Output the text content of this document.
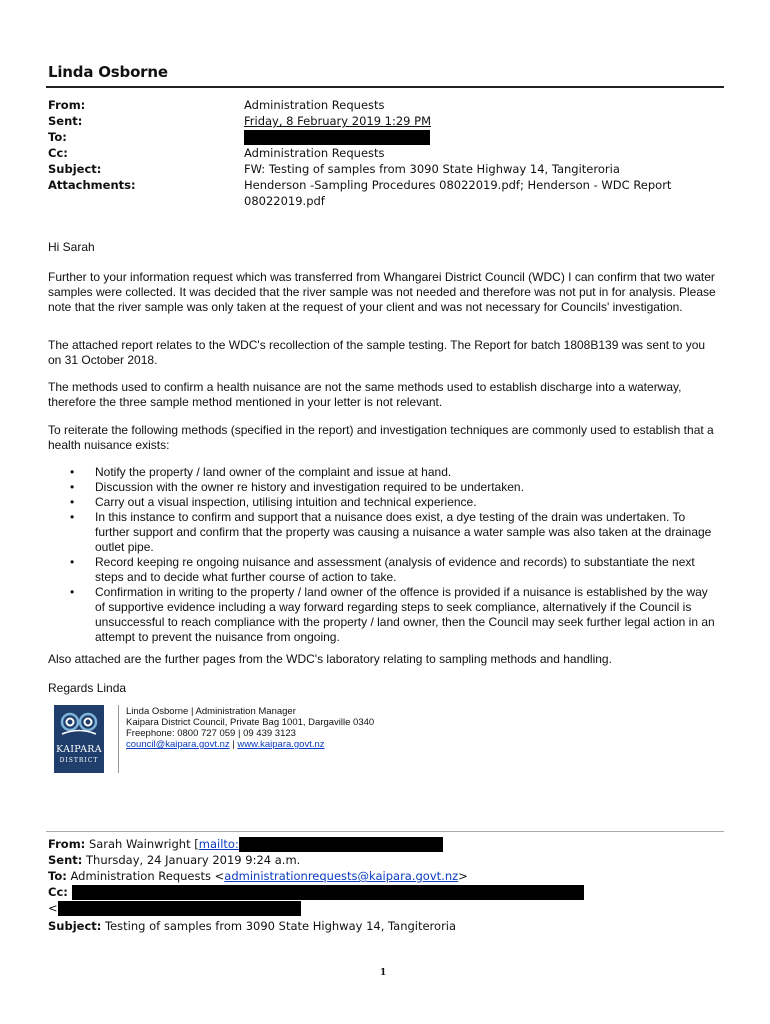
Linda Osborne
From:	Administration Requests
Sent:	Friday, 8 February 2019 1:29 PM
To:
Cc:	Administration Requests
Subject:	FW: Testing of samples from 3090 State Highway 14, Tangiteroria
Attachments:	Henderson -Sampling Procedures 08022019.pdf; Henderson - WDC Report
08022019.pdf
Hi Sarah
Further to your information request which was transferred from Whangarei District Council (WDC) I can confirm that two water samples were collected. It was decided that the river sample was not needed and therefore was not put in for analysis. Please note that the river sample was only taken at the request of your client and was not necessary for Councils' investigation.
The attached report relates to the WDC's recollection of the sample testing. The Report for batch 1808B139 was sent to you on 31 October 2018.
The methods used to confirm a health nuisance are not the same methods used to establish discharge into a waterway, therefore the three sample method mentioned in your letter is not relevant.
To reiterate the following methods (specified in the report) and investigation techniques are commonly used to establish that a health nuisance exists:
• Notify the property / land owner of the complaint and issue at hand.
• Discussion with the owner re history and investigation required to be undertaken.
• Carry out a visual inspection, utilising intuition and technical experience.
• In this instance to confirm and support that a nuisance does exist, a dye testing of the drain was undertaken. To further support and confirm that the property was causing a nuisance a water sample was also taken at the drainage outlet pipe.
• Record keeping re ongoing nuisance and assessment (analysis of evidence and records) to substantiate the next steps and to decide what further course of action to take.
• Confirmation in writing to the property / land owner of the offence is provided if a nuisance is established by the way of supportive evidence including a way forward regarding steps to seek compliance, alternatively if the Council is unsuccessful to reach compliance with the property / land owner, then the Council may seek further legal action in an attempt to prevent the nuisance from ongoing.
Also attached are the further pages from the WDC's laboratory relating to sampling methods and handling.
Regards Linda
KAIPARA
DISTRICT
Linda Osborne | Administration Manager
Kaipara District Council, Private Bag 1001, Dargaville 0340
Freephone: 0800 727 059 | 09 439 3123
council@kaipara.govt.nz | www.kaipara.govt.nz
From: Sarah Wainwright [mailto:
Sent: Thursday, 24 January 2019 9:24 a.m.
To: Administration Requests <administrationrequests@kaipara.govt.nz>
Cc:
<
Subject: Testing of samples from 3090 State Highway 14, Tangiteroria
1
